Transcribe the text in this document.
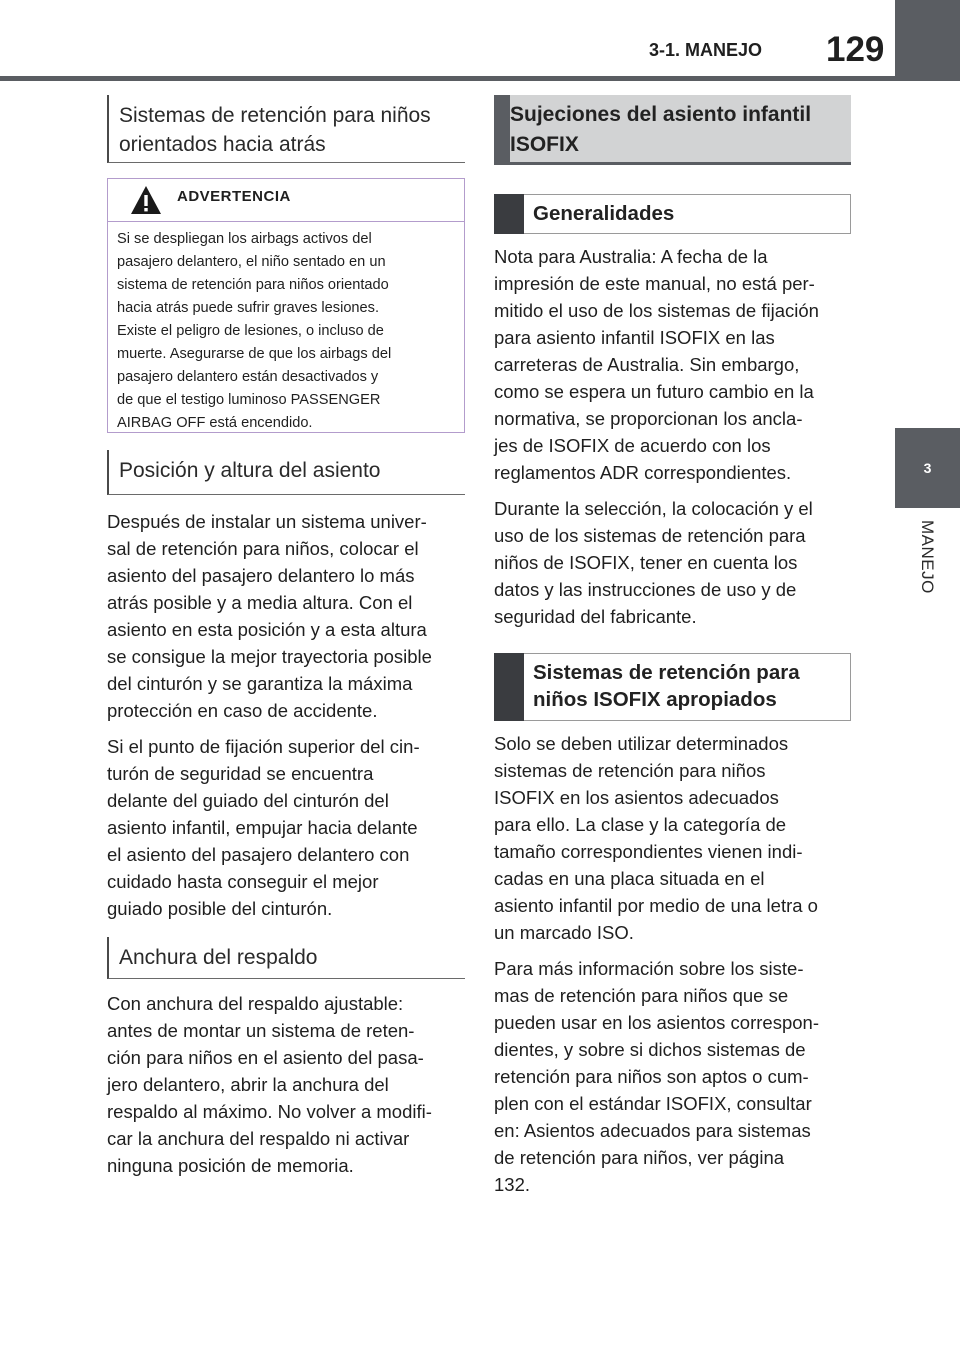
3-1. MANEJO 129
3
MANEJO
Sistemas de retención para niños
orientados hacia atrás
ADVERTENCIA
Si se despliegan los airbags activos del
pasajero delantero, el niño sentado en un
sistema de retención para niños orientado
hacia atrás puede sufrir graves lesiones.
Existe el peligro de lesiones, o incluso de
muerte. Asegurarse de que los airbags del
pasajero delantero están desactivados y
de que el testigo luminoso PASSENGER
AIRBAG OFF está encendido.
Posición y altura del asiento

Después de instalar un sistema univer-
sal de retención para niños, colocar el
asiento del pasajero delantero lo más
atrás posible y a media altura. Con el
asiento en esta posición y a esta altura
se consigue la mejor trayectoria posible
del cinturón y se garantiza la máxima
protección en caso de accidente.

Si el punto de fijación superior del cin-
turón de seguridad se encuentra
delante del guiado del cinturón del
asiento infantil, empujar hacia delante
el asiento del pasajero delantero con
cuidado hasta conseguir el mejor
guiado posible del cinturón.

Anchura del respaldo

Con anchura del respaldo ajustable:
antes de montar un sistema de reten-
ción para niños en el asiento del pasa-
jero delantero, abrir la anchura del
respaldo al máximo. No volver a modifi-
car la anchura del respaldo ni activar
ninguna posición de memoria.

Sujeciones del asiento infantil
ISOFIX
Generalidades

Nota para Australia: A fecha de la
impresión de este manual, no está per-
mitido el uso de los sistemas de fijación
para asiento infantil ISOFIX en las
carreteras de Australia. Sin embargo,
como se espera un futuro cambio en la
normativa, se proporcionan los ancla-
jes de ISOFIX de acuerdo con los
reglamentos ADR correspondientes.

Durante la selección, la colocación y el
uso de los sistemas de retención para
niños de ISOFIX, tener en cuenta los
datos y las instrucciones de uso y de
seguridad del fabricante.

Sistemas de retención para
niños ISOFIX apropiados

Solo se deben utilizar determinados
sistemas de retención para niños
ISOFIX en los asientos adecuados
para ello. La clase y la categoría de
tamaño correspondientes vienen indi-
cadas en una placa situada en el
asiento infantil por medio de una letra o
un marcado ISO.

Para más información sobre los siste-
mas de retención para niños que se
pueden usar en los asientos correspon-
dientes, y sobre si dichos sistemas de
retención para niños son aptos o cum-
plen con el estándar ISOFIX, consultar
en: Asientos adecuados para sistemas
de retención para niños, ver página
132.
